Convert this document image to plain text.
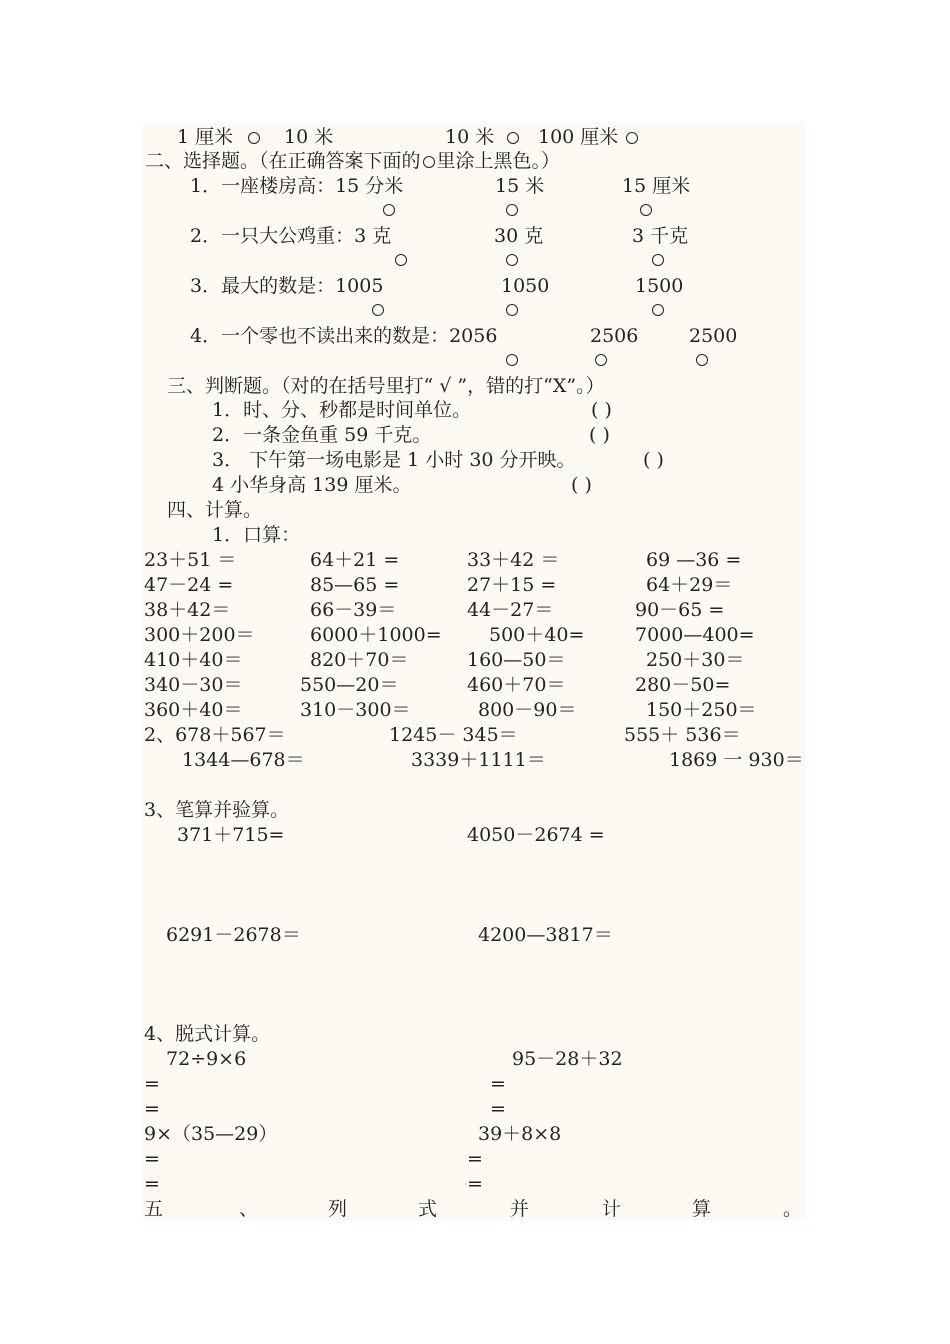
1 厘米	10 米	10 米 100 厘米
二、选择题。（在正确答案下面的 里涂上黑色。）
1．一座楼房高：15 分米	15 米	15 厘米
2．一只大公鸡重：3 克	30 克	3 千克
3．最大的数是：1005	1050	1500
4．一个零也不读出来的数是：2056	2506	2500
三、判断题。（对的在括号里打“ √ ”，错的打“X”。）
1．时、分、秒都是时间单位。	( )
2．一条金鱼重 59 千克。	( )
3． 下午第一场电影是 1 小时 30 分开映。	( )
4 小华身高 139 厘米。	( )
四、计算。
1．口算：
23＋51 ＝	64＋21 =	33＋42 ＝	69 —36 =
47－24 =	85—65 =	27＋15 =	64＋29＝
38＋42＝	66－39＝	44－27＝	90－65 =
300＋200＝	6000＋1000= 500＋40=	7000—400=
410＋40＝	820＋70＝	160—50＝	250＋30＝
340－30＝	550—20＝	460＋70＝	280－50=
360＋40＝	310－300＝	800－90＝	150＋250＝
2、678＋567＝	1245－ 345＝	555＋ 536＝
1344—678＝	3339＋1111＝	1869 一 930＝
3、笔算并验算。
371＋715=	4050－2674 =
6291－2678＝	4200—3817＝
4、脱式计算。
72÷9×6	95－28＋32
=	=
=	=
9×（35—29）	39＋8×8
=	=
=	=
五	、	列	式	并	计	算	。
